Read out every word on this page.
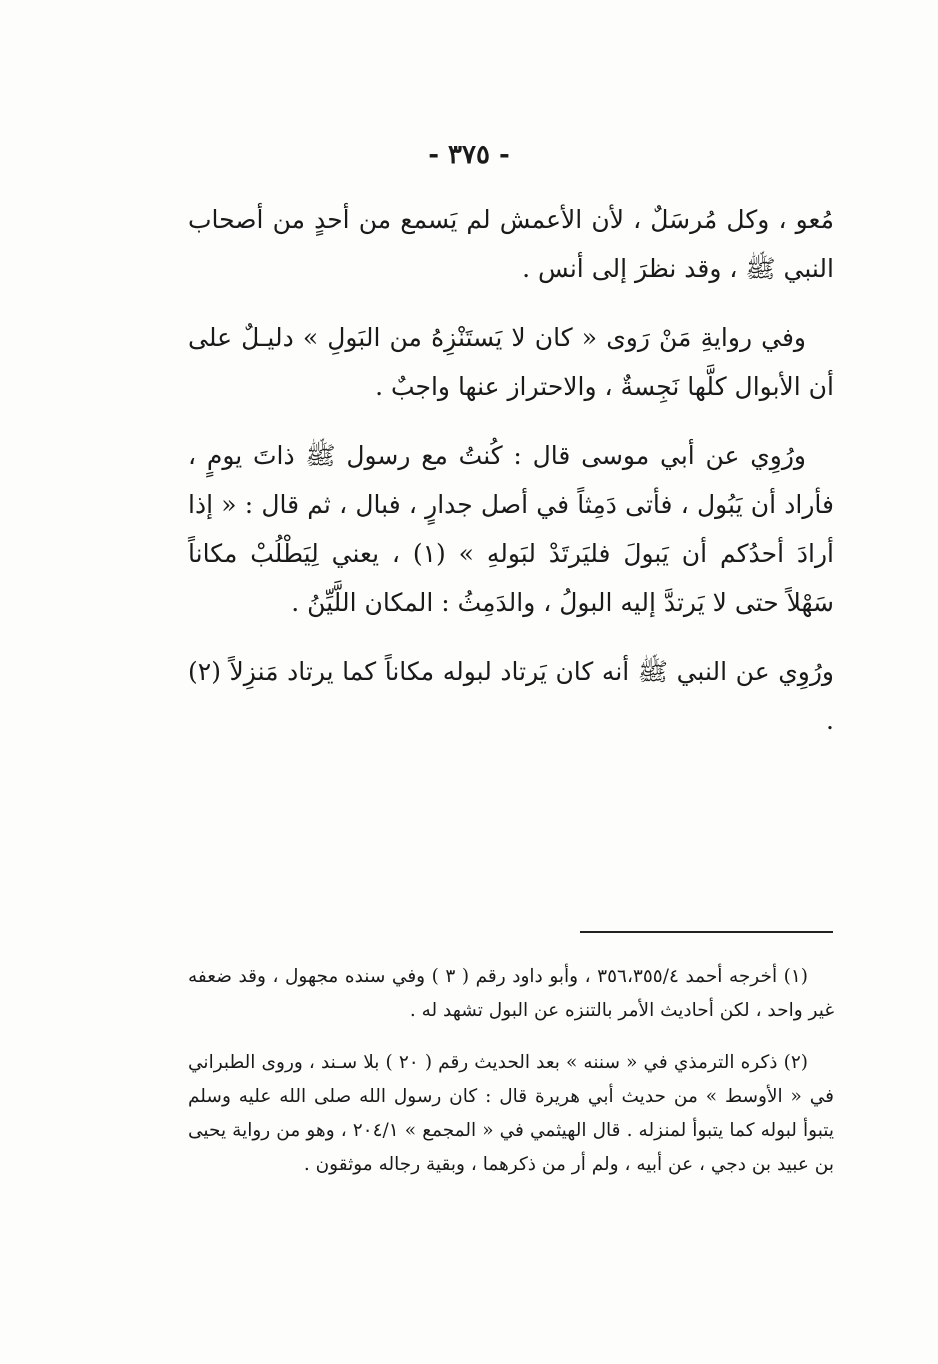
- ٣٧٥ -

مُعو ، وكل مُرسَلٌ ، لأن الأعمش لم يَسمع من أحدٍ من أصحاب النبي ﷺ ، وقد نظرَ إلى أنس .

وفي روايةِ مَنْ رَوى « كان لا يَستَنْزِهُ من البَولِ » دليـلٌ على أن الأبوال كلَّها نَجِسةٌ ، والاحتراز عنها واجبٌ .

ورُوِي عن أبي موسى قال : كُنتُ مع رسول ﷺ ذاتَ يومٍ ، فأراد أن يَبُول ، فأتى دَمِثاً في أصل جدارٍ ، فبال ، ثم قال : « إذا أرادَ أحدُكم أن يَبولَ فليَرتَدْ لبَولهِ » (١) ، يعني لِيَطْلُبْ مكاناً سَهْلاً حتى لا يَرتدَّ إليه البولُ ، والدَمِثُ : المكان اللَّيِّنُ .

ورُوِي عن النبي ﷺ أنه كان يَرتاد لبوله مكاناً كما يرتاد مَنزِلاً (٢) .

(١) أخرجه أحمد ٣٥٦،٣٥٥/٤ ، وأبو داود رقم ( ٣ ) وفي سنده مجهول ، وقد ضعفه غير واحد ، لكن أحاديث الأمر بالتنزه عن البول تشهد له .

(٢) ذكره الترمذي في « سننه » بعد الحديث رقم ( ٢٠ ) بلا سـند ، وروى الطبراني في « الأوسط » من حديث أبي هريرة قال : كان رسول الله صلى الله عليه وسلم يتبوأ لبوله كما يتبوأ لمنزله . قال الهيثمي في « المجمع » ٢٠٤/١ ، وهو من رواية يحيى بن عبيد بن دجي ، عن أبيه ، ولم أر من ذكرهما ، وبقية رجاله موثقون .
